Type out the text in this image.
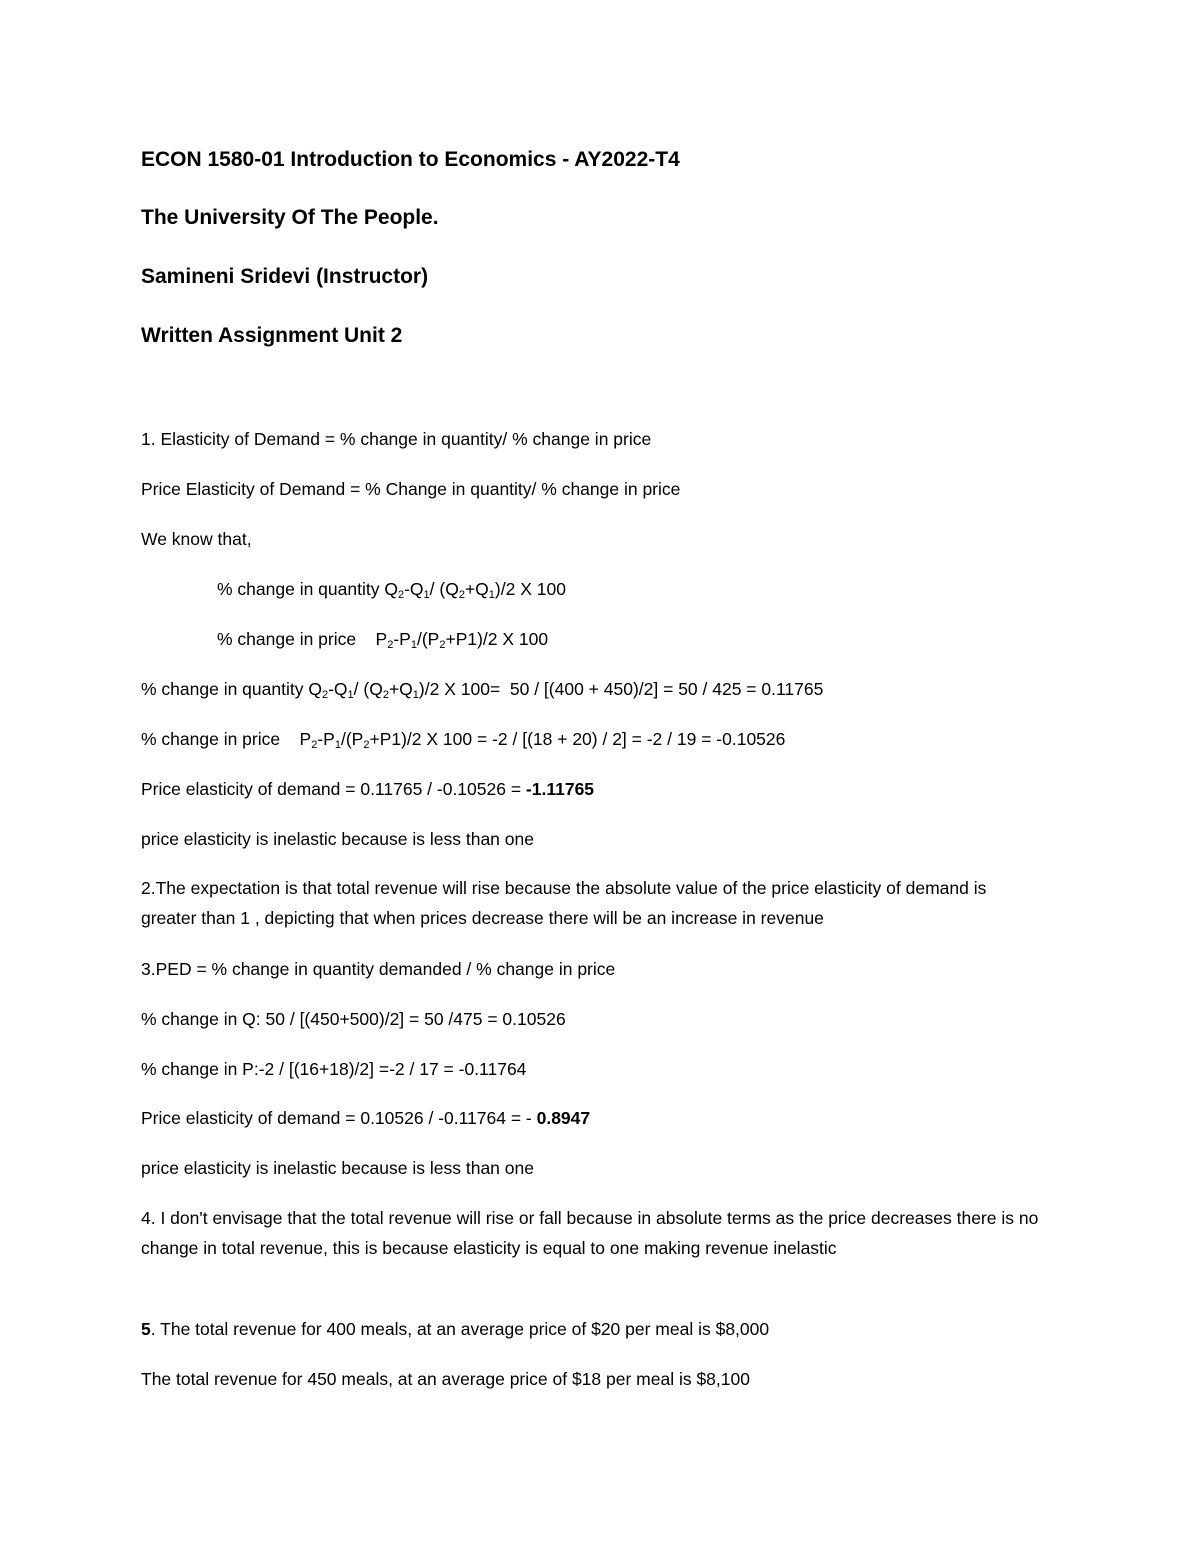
ECON 1580-01 Introduction to Economics - AY2022-T4

The University Of The People.

Samineni Sridevi (Instructor)

Written Assignment Unit 2

1. Elasticity of Demand = % change in quantity/ % change in price

Price Elasticity of Demand = % Change in quantity/ % change in price

We know that,

% change in quantity $Q_2-Q_1/$ $(Q_2+Q_1)/2$ X 100

% change in price    $P_2-P_1/(P_2+P1)/2$ X 100

% change in quantity $Q_2-Q_1/$ $(Q_2+Q_1)/2$ X 100=  50 / [(400 + 450)/2] = 50 / 425 = 0.11765

% change in price    $P_2-P_1/(P_2+P1)/2$ X 100 = -2 / [(18 + 20) / 2] = -2 / 19 = -0.10526

Price elasticity of demand = 0.11765 / -0.10526 = -1.11765

price elasticity is inelastic because is less than one

2.The expectation is that total revenue will rise because the absolute value of the price elasticity of demand is greater than 1 , depicting that when prices decrease there will be an increase in revenue

3.PED = % change in quantity demanded / % change in price

% change in Q: 50 / [(450+500)/2] = 50 /475 = 0.10526

% change in P:-2 / [(16+18)/2] =-2 / 17 = -0.11764

Price elasticity of demand = 0.10526 / -0.11764 = - 0.8947

price elasticity is inelastic because is less than one

4. I don't envisage that the total revenue will rise or fall because in absolute terms as the price decreases there is no change in total revenue, this is because elasticity is equal to one making revenue inelastic

5. The total revenue for 400 meals, at an average price of $20 per meal is $8,000

The total revenue for 450 meals, at an average price of $18 per meal is $8,100
